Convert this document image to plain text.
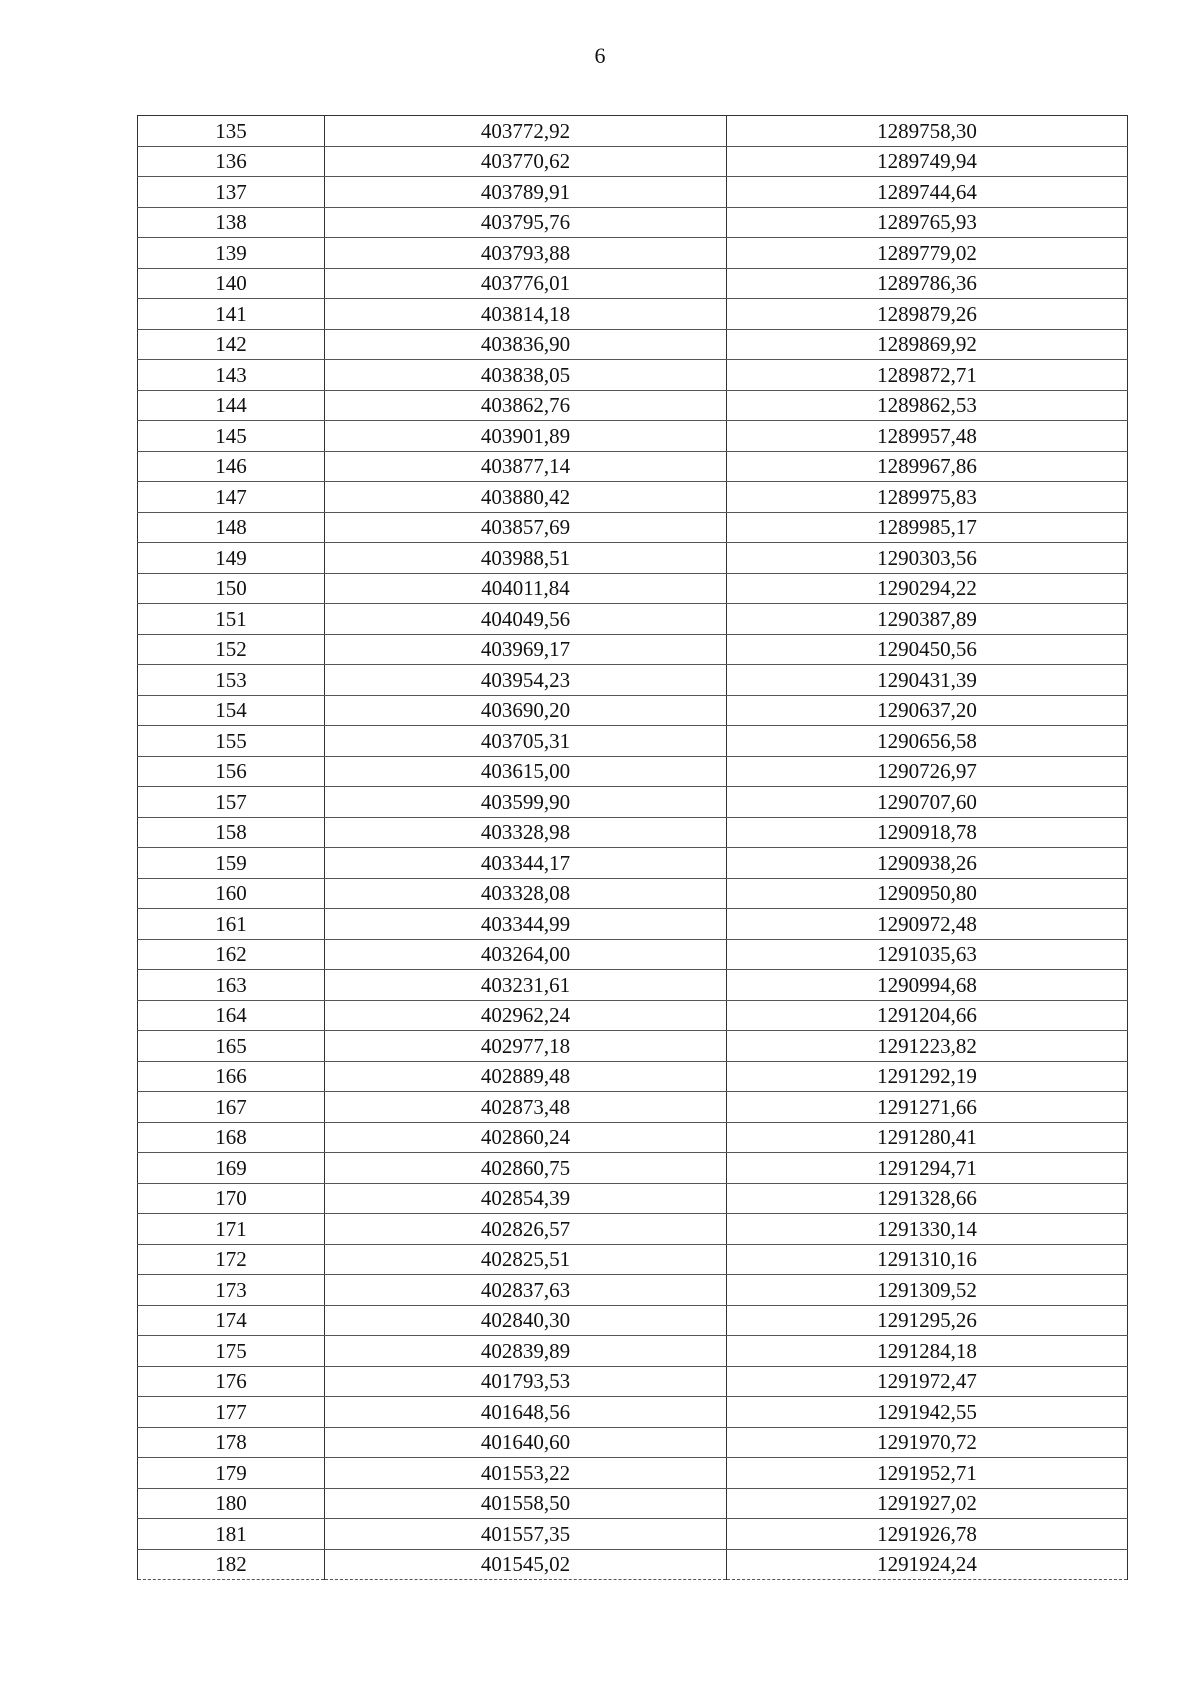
6
135	403772,92	1289758,30
136	403770,62	1289749,94
137	403789,91	1289744,64
138	403795,76	1289765,93
139	403793,88	1289779,02
140	403776,01	1289786,36
141	403814,18	1289879,26
142	403836,90	1289869,92
143	403838,05	1289872,71
144	403862,76	1289862,53
145	403901,89	1289957,48
146	403877,14	1289967,86
147	403880,42	1289975,83
148	403857,69	1289985,17
149	403988,51	1290303,56
150	404011,84	1290294,22
151	404049,56	1290387,89
152	403969,17	1290450,56
153	403954,23	1290431,39
154	403690,20	1290637,20
155	403705,31	1290656,58
156	403615,00	1290726,97
157	403599,90	1290707,60
158	403328,98	1290918,78
159	403344,17	1290938,26
160	403328,08	1290950,80
161	403344,99	1290972,48
162	403264,00	1291035,63
163	403231,61	1290994,68
164	402962,24	1291204,66
165	402977,18	1291223,82
166	402889,48	1291292,19
167	402873,48	1291271,66
168	402860,24	1291280,41
169	402860,75	1291294,71
170	402854,39	1291328,66
171	402826,57	1291330,14
172	402825,51	1291310,16
173	402837,63	1291309,52
174	402840,30	1291295,26
175	402839,89	1291284,18
176	401793,53	1291972,47
177	401648,56	1291942,55
178	401640,60	1291970,72
179	401553,22	1291952,71
180	401558,50	1291927,02
181	401557,35	1291926,78
182	401545,02	1291924,24
